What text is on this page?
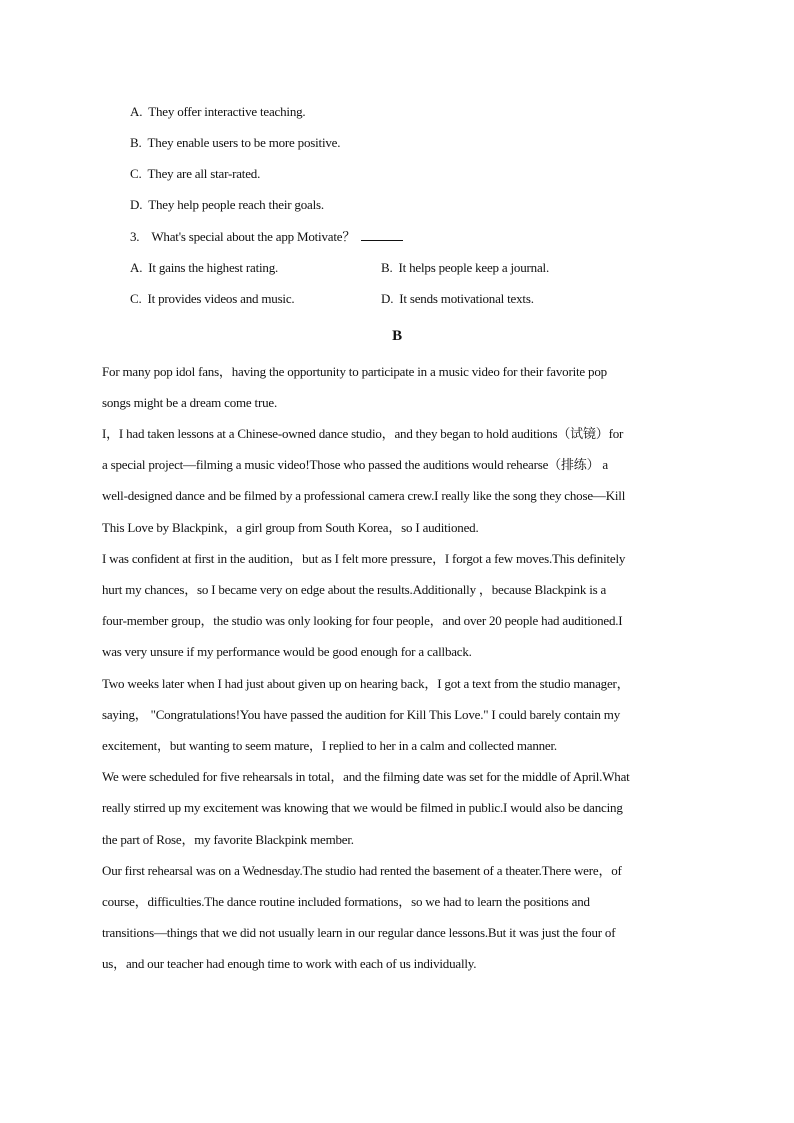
A. They offer interactive teaching.
B. They enable users to be more positive.
C. They are all star-rated.
D. They help people reach their goals.
3. What's special about the app Motivate？
A. It gains the highest rating.	B. It helps people keep a journal.
C. It provides videos and music.	D. It sends motivational texts.
B
For many pop idol fans，having the opportunity to participate in a music video for their favorite pop
songs might be a dream come true.
I，I had taken lessons at a Chinese-owned dance studio，and they began to hold auditions（试镜）for
a special project—filming a music video!Those who passed the auditions would rehearse（排练） a
well-designed dance and be filmed by a professional camera crew.I really like the song they chose—Kill
This Love by Blackpink，a girl group from South Korea，so I auditioned.
I was confident at first in the audition，but as I felt more pressure，I forgot a few moves.This definitely
hurt my chances，so I became very on edge about the results.Additionally ，because Blackpink is a
four-member group，the studio was only looking for four people，and over 20 people had auditioned.I
was very unsure if my performance would be good enough for a callback.
Two weeks later when I had just about given up on hearing back，I got a text from the studio manager，
saying， "Congratulations!You have passed the audition for Kill This Love." I could barely contain my
excitement，but wanting to seem mature，I replied to her in a calm and collected manner.
We were scheduled for five rehearsals in total，and the filming date was set for the middle of April.What
really stirred up my excitement was knowing that we would be filmed in public.I would also be dancing
the part of Rose，my favorite Blackpink member.
Our first rehearsal was on a Wednesday.The studio had rented the basement of a theater.There were，of
course，difficulties.The dance routine included formations，so we had to learn the positions and
transitions—things that we did not usually learn in our regular dance lessons.But it was just the four of
us，and our teacher had enough time to work with each of us individually.
